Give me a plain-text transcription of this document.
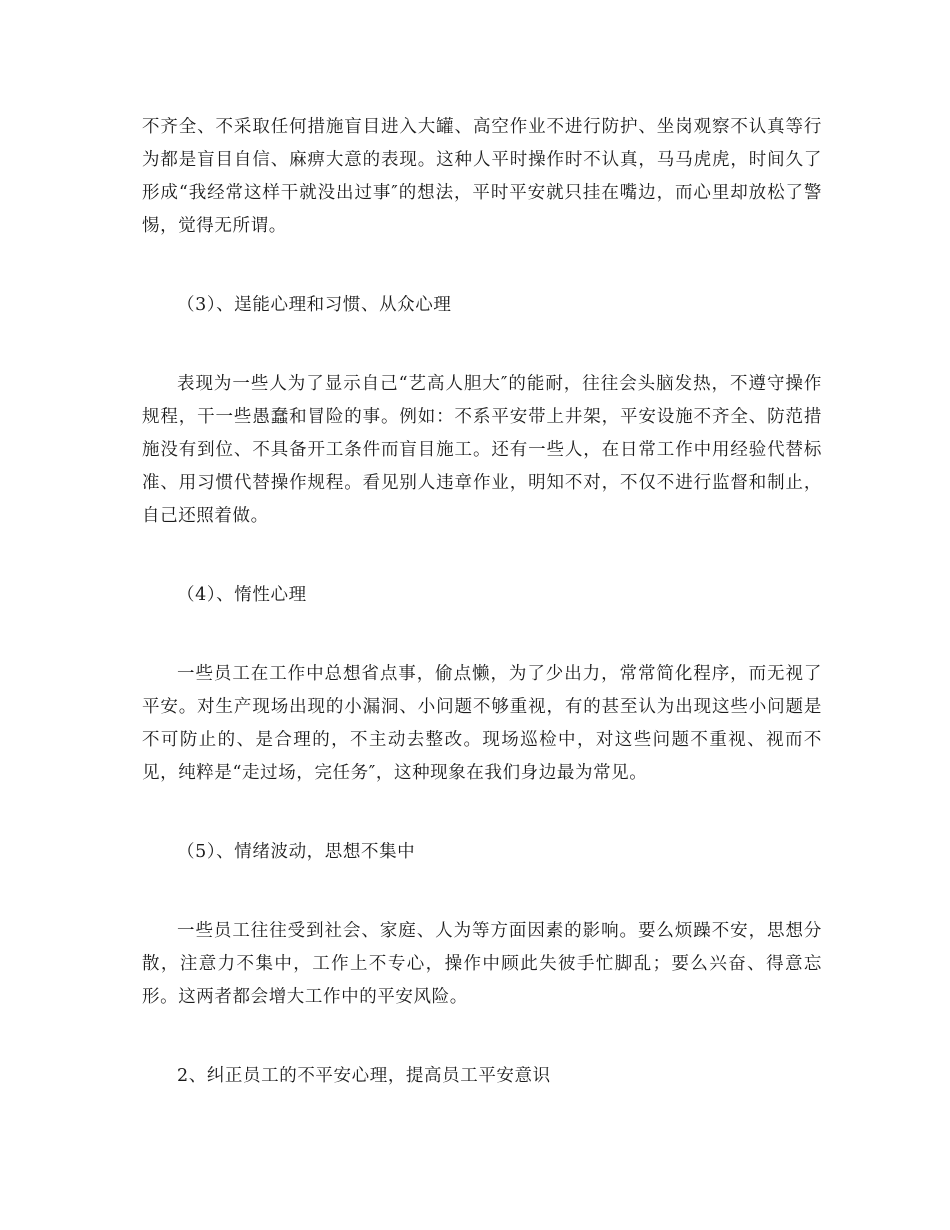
不齐全、不采取任何措施盲目进入大罐、高空作业不进行防护、坐岗观察不认真等行为都是盲目自信、麻痹大意的表现。这种人平时操作时不认真，马马虎虎，时间久了形成“我经常这样干就没出过事″的想法，平时平安就只挂在嘴边，而心里却放松了警惕，觉得无所谓。

（3）、逞能心理和习惯、从众心理

表现为一些人为了显示自己“艺高人胆大″的能耐，往往会头脑发热，不遵守操作规程，干一些愚蠢和冒险的事。例如：不系平安带上井架，平安设施不齐全、防范措施没有到位、不具备开工条件而盲目施工。还有一些人，在日常工作中用经验代替标准、用习惯代替操作规程。看见别人违章作业，明知不对，不仅不进行监督和制止，自己还照着做。

（4）、惰性心理

一些员工在工作中总想省点事，偷点懒，为了少出力，常常简化程序，而无视了平安。对生产现场出现的小漏洞、小问题不够重视，有的甚至认为出现这些小问题是不可防止的、是合理的，不主动去整改。现场巡检中，对这些问题不重视、视而不见，纯粹是“走过场，完任务″，这种现象在我们身边最为常见。

（5）、情绪波动，思想不集中

一些员工往往受到社会、家庭、人为等方面因素的影响。要么烦躁不安，思想分散，注意力不集中，工作上不专心，操作中顾此失彼手忙脚乱；要么兴奋、得意忘形。这两者都会增大工作中的平安风险。

2、纠正员工的不平安心理，提高员工平安意识
